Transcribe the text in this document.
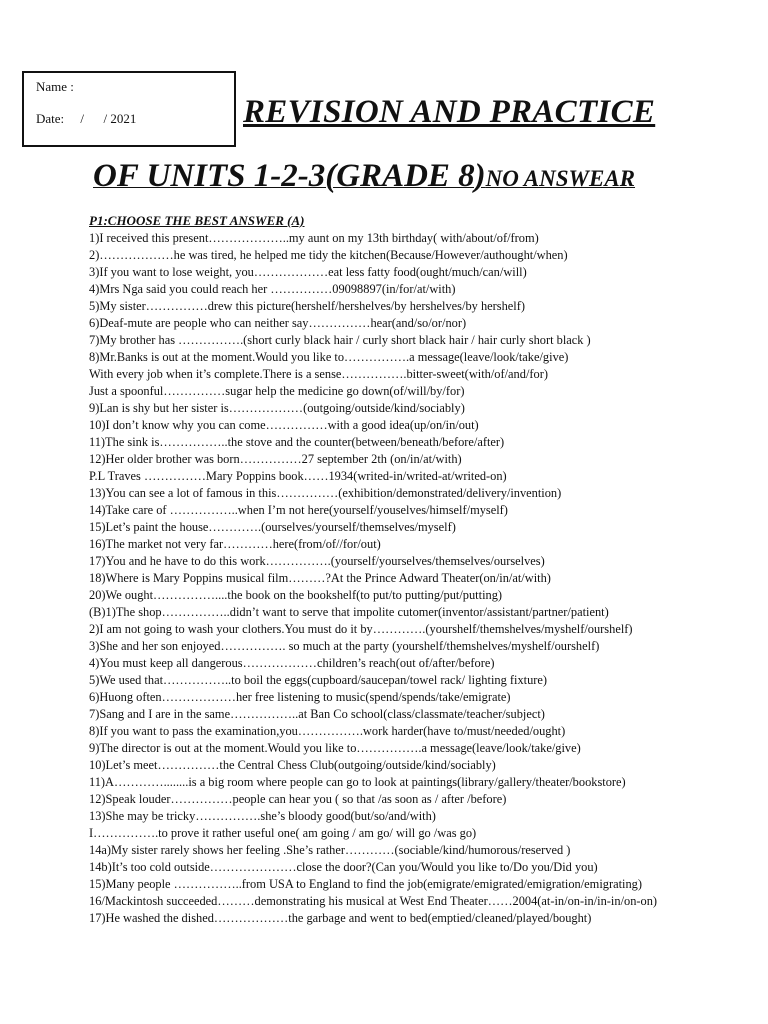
Name :
Date:     /      / 2021	REVISION AND PRACTICE
OF UNITS 1-2-3(GRADE 8)NO ANSWEAR
P1:CHOOSE THE BEST ANSWER (A)
1)I received this present………………..my aunt on my 13th birthday( with/about/of/from)
2)………………he was tired, he helped me tidy the kitchen(Because/However/authought/when)
3)If you want to lose weight, you………………eat less fatty food(ought/much/can/will)
4)Mrs Nga said you could reach her ……………09098897(in/for/at/with)
5)My sister……………drew this picture(hershelf/hershelves/by hershelves/by hershelf)
6)Deaf-mute are people who can neither say……………hear(and/so/or/nor)
7)My brother has …………….(short curly black hair / curly short black hair / hair curly short black )
8)Mr.Banks is out at the moment.Would you like to…………….a message(leave/look/take/give)
With every job when it’s complete.There is a sense…………….bitter-sweet(with/of/and/for)
Just a spoonful……………sugar help the medicine go down(of/will/by/for)
9)Lan is shy but her sister is………………(outgoing/outside/kind/sociably)
10)I don’t know why you can come……………with a good idea(up/on/in/out)
11)The sink is……………..the stove and the counter(between/beneath/before/after)
12)Her older brother was born……………27 september 2th (on/in/at/with)
P.L Traves ……………Mary Poppins book……1934(writed-in/writed-at/writed-on)
13)You can see a lot of famous in this……………(exhibition/demonstrated/delivery/invention)
14)Take care of ……………..when I’m not here(yourself/youselves/himself/myself)
15)Let’s paint the house………….(ourselves/yourself/themselves/myself)
16)The market not very far…………here(from/of//for/out)
17)You and he have to do this work…………….(yourself/yourselves/themselves/ourselves)
18)Where is Mary Poppins musical film………?At the Prince Adward Theater(on/in/at/with)
20)We ought……………....the book on the bookshelf(to put/to putting/put/putting)
(B)1)The shop……………..didn’t want to serve that impolite cutomer(inventor/assistant/partner/patient)
2)I am not going to wash your clothers.You must do it by………….(yourshelf/themshelves/myshelf/ourshelf)
3)She and her son enjoyed……………. so much at the party (yourshelf/themshelves/myshelf/ourshelf)
4)You must keep all dangerous………………children’s reach(out of/after/before)
5)We used that……………..to boil the eggs(cupboard/saucepan/towel rack/ lighting fixture)
6)Huong often………………her free listening to music(spend/spends/take/emigrate)
7)Sang and I are in the same……………..at Ban Co school(class/classmate/teacher/subject)
8)If you want to pass the examination,you…………….work harder(have to/must/needed/ought)
9)The director is out at the moment.Would you like to…………….a message(leave/look/take/give)
10)Let’s meet……………the Central Chess Club(outgoing/outside/kind/sociably)
11)A…………........is a big room where people can go to look at paintings(library/gallery/theater/bookstore)
12)Speak louder……………people can hear you ( so that /as soon as / after /before)
13)She may be tricky…………….she’s bloody good(but/so/and/with)
I…………….to prove it rather useful one( am going / am go/ will go /was go)
14a)My sister rarely shows her feeling .She’s rather…………(sociable/kind/humorous/reserved )
14b)It’s too cold outside…………………close the door?(Can you/Would you like to/Do you/Did you)
15)Many people ……………..from USA to England to find the job(emigrate/emigrated/emigration/emigrating)
16/Mackintosh succeeded………demonstrating his musical at West End Theater……2004(at-in/on-in/in-in/on-on)
17)He washed the dished………………the garbage and went to bed(emptied/cleaned/played/bought)
